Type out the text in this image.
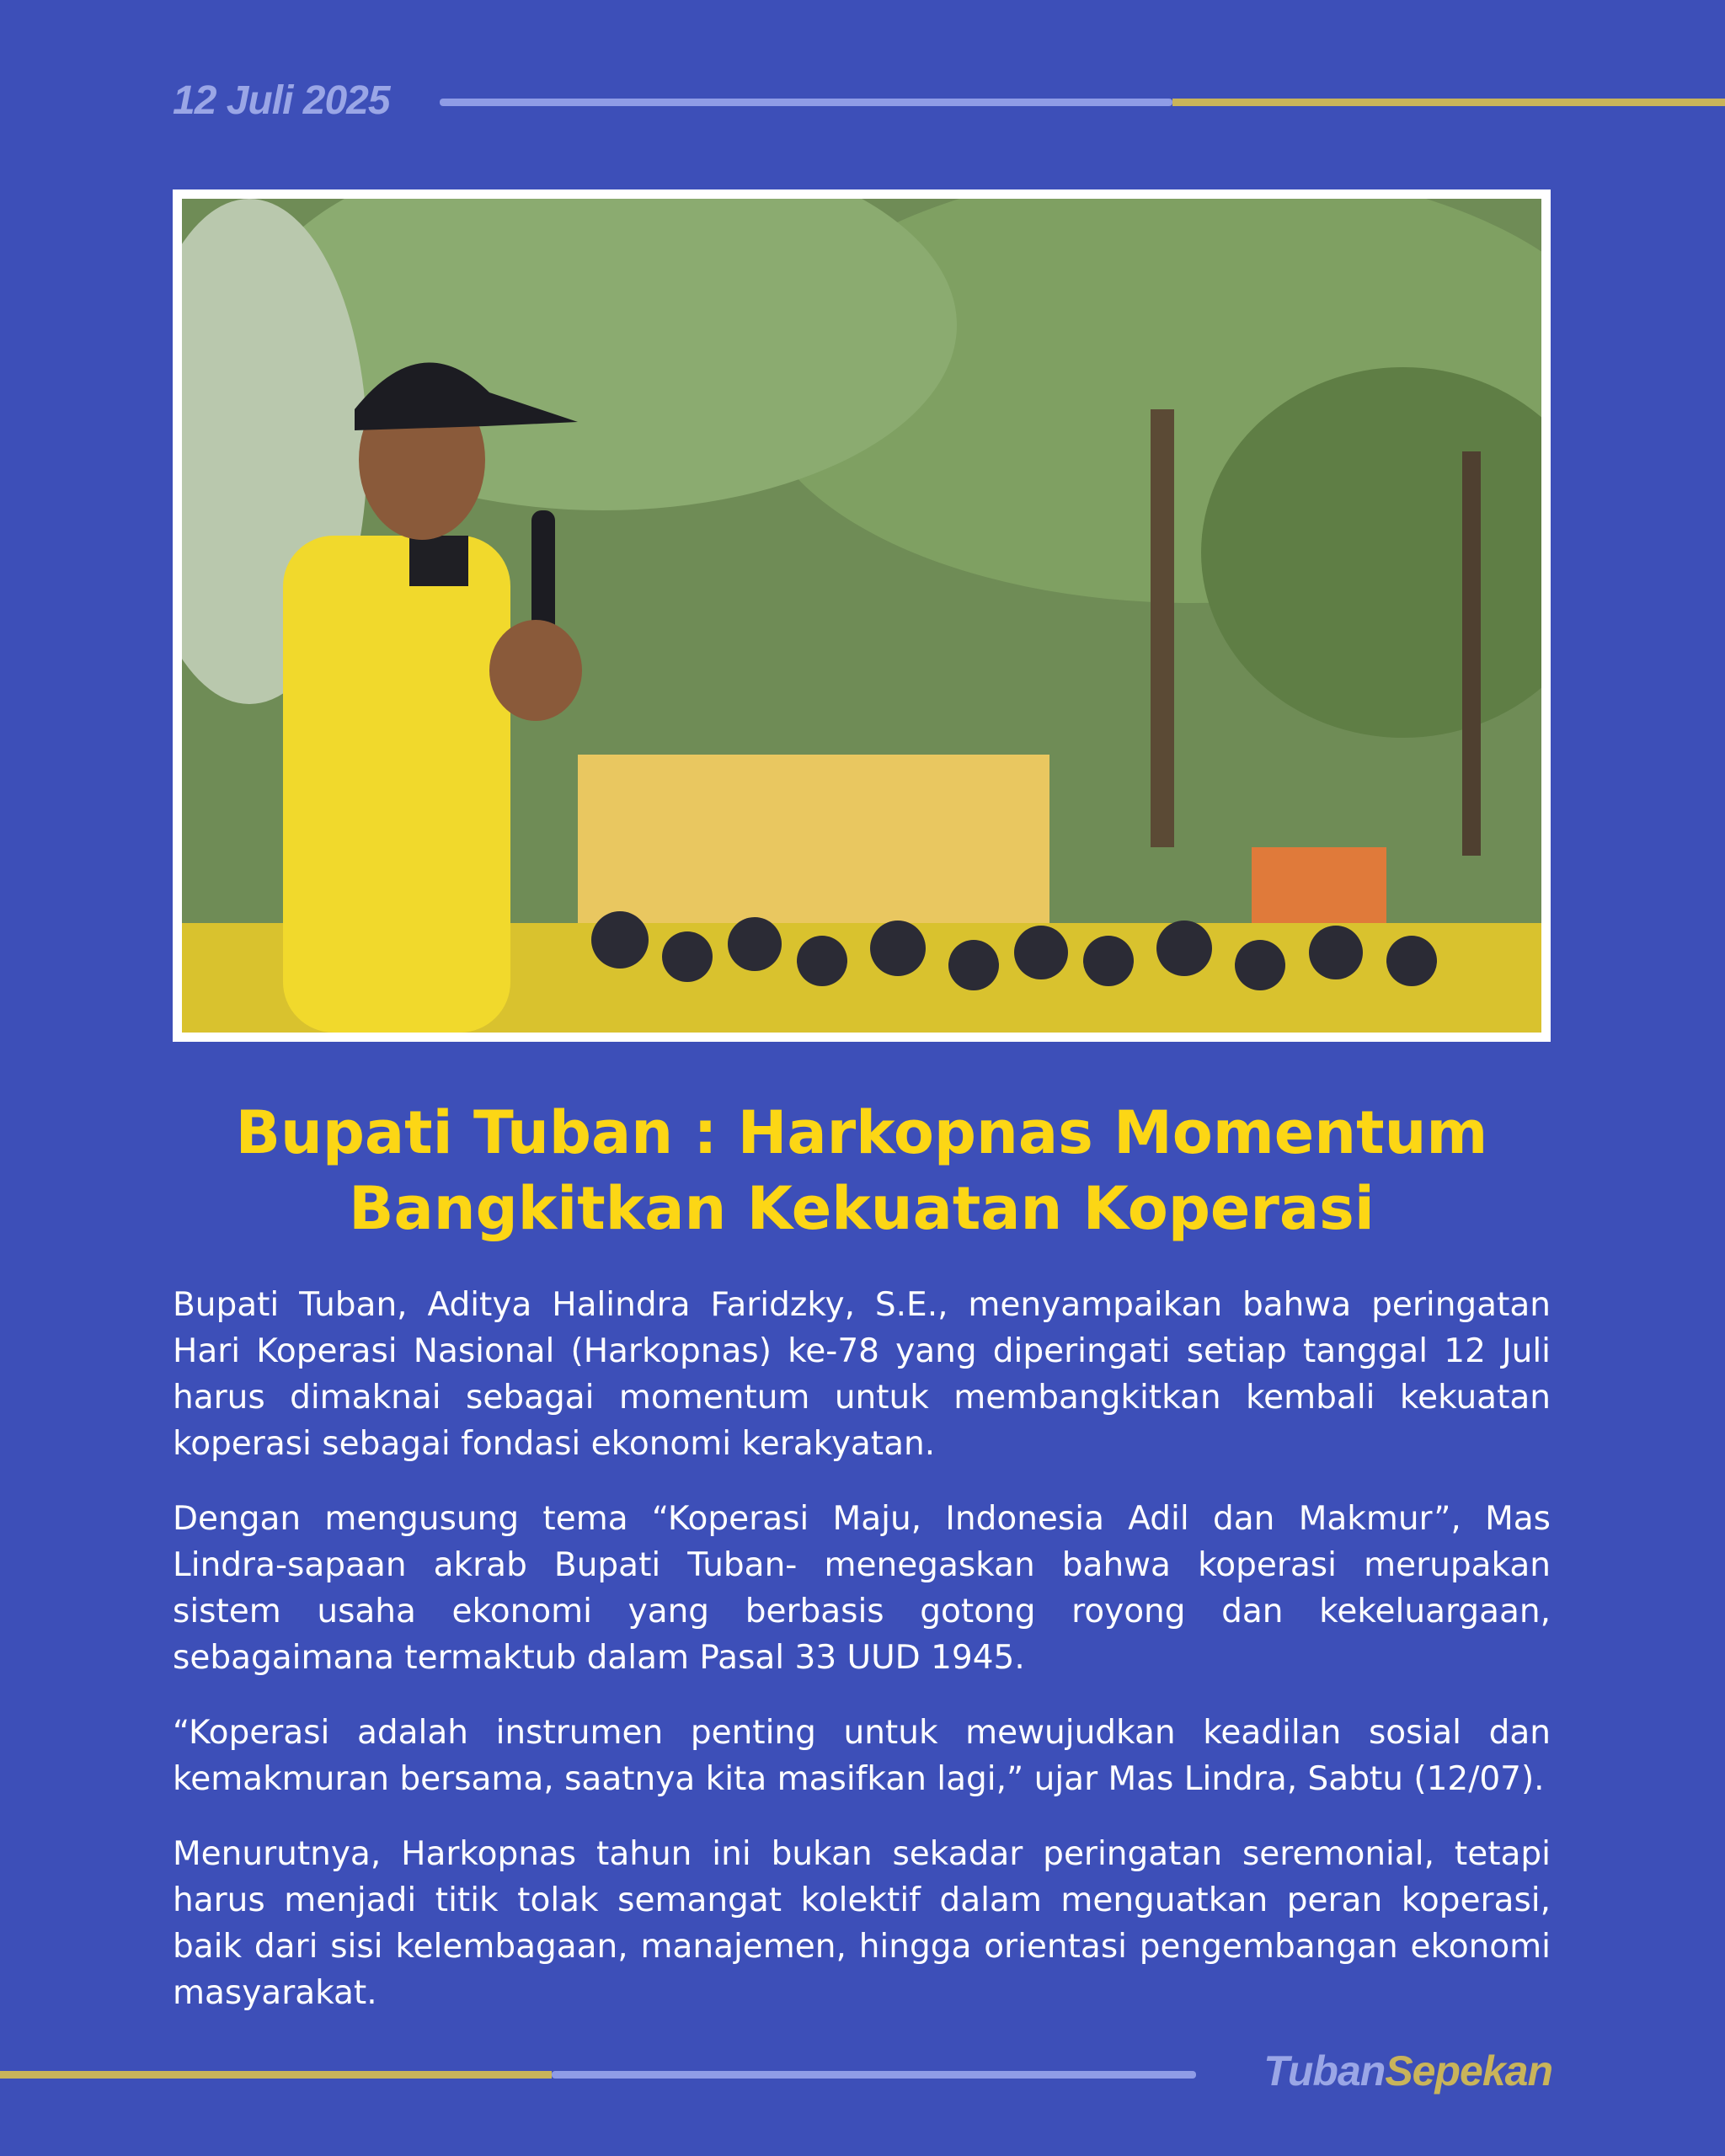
12 Juli 2025
Bupati Tuban : Harkopnas Momentum Bangkitkan Kekuatan Koperasi

Bupati Tuban, Aditya Halindra Faridzky, S.E., menyampaikan bahwa peringatan Hari Koperasi Nasional (Harkopnas) ke-78 yang diperingati setiap tanggal 12 Juli harus dimaknai sebagai momentum untuk membangkitkan kembali kekuatan koperasi sebagai fondasi ekonomi kerakyatan.

Dengan mengusung tema “Koperasi Maju, Indonesia Adil dan Makmur”, Mas Lindra-sapaan akrab Bupati Tuban- menegaskan bahwa koperasi merupakan sistem usaha ekonomi yang berbasis gotong royong dan kekeluargaan, sebagaimana termaktub dalam Pasal 33 UUD 1945.

“Koperasi adalah instrumen penting untuk mewujudkan keadilan sosial dan kemakmuran bersama, saatnya kita masifkan lagi,” ujar Mas Lindra, Sabtu (12/07).

Menurutnya, Harkopnas tahun ini bukan sekadar peringatan seremonial, tetapi harus menjadi titik tolak semangat kolektif dalam menguatkan peran koperasi, baik dari sisi kelembagaan, manajemen, hingga orientasi pengembangan ekonomi masyarakat.

TubanSepekan
